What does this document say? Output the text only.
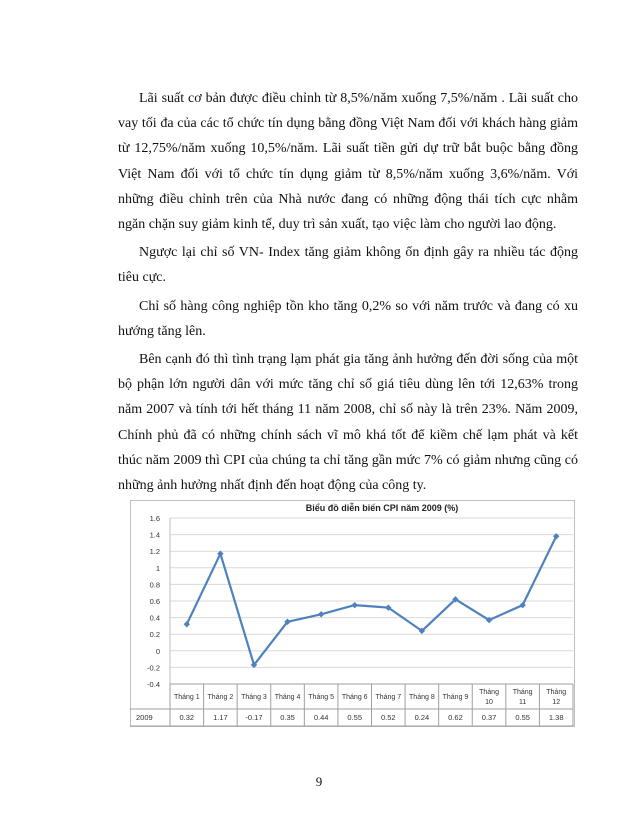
Lãi suất cơ bản được điều chỉnh từ 8,5%/năm xuống 7,5%/năm . Lãi suất cho vay tối đa của các tổ chức tín dụng bằng đồng Việt Nam đối với khách hàng giảm từ 12,75%/năm xuống 10,5%/năm. Lãi suất tiền gửi dự trữ bắt buộc bằng đồng Việt Nam đối với tổ chức tín dụng giảm từ 8,5%/năm xuống 3,6%/năm. Với những điều chỉnh trên của Nhà nước đang có những động thái tích cực nhằm ngăn chặn suy giảm kinh tế, duy trì sản xuất, tạo việc làm cho người lao động.

Ngược lại chỉ số VN- Index tăng giảm không ổn định gây ra nhiều tác động tiêu cực.

Chỉ số hàng công nghiệp tồn kho tăng 0,2% so với năm trước và đang có xu hướng tăng lên.

Bên cạnh đó thì tình trạng lạm phát gia tăng ảnh hưởng đến đời sống của một bộ phận lớn người dân với mức tăng chỉ số giá tiêu dùng lên tới 12,63% trong năm 2007 và tính tới hết tháng 11 năm 2008, chỉ số này là trên 23%. Năm 2009, Chính phủ đã có những chính sách vĩ mô khá tốt để kiềm chế lạm phát và kết thúc năm 2009 thì CPI của chúng ta chỉ tăng gần mức 7% có giảm nhưng cũng có những ảnh hưởng nhất định đến hoạt động của công ty.

Biểu đồ diễn biến CPI năm 2009 (%)
1.6
1.4
1.2
1
0.8
0.6
0.4
0.2
0
-0.2
-0.4
Tháng 1 Tháng 2 Tháng 3 Tháng 4 Tháng 5 Tháng 6 Tháng 7 Tháng 8 Tháng 9
Tháng
10
Tháng
11
Tháng
12
2009	0.32	1.17 -0.17 0.35	0.44	0.55	0.52	0.24	0.62	0.37	0.55	1.38
9
